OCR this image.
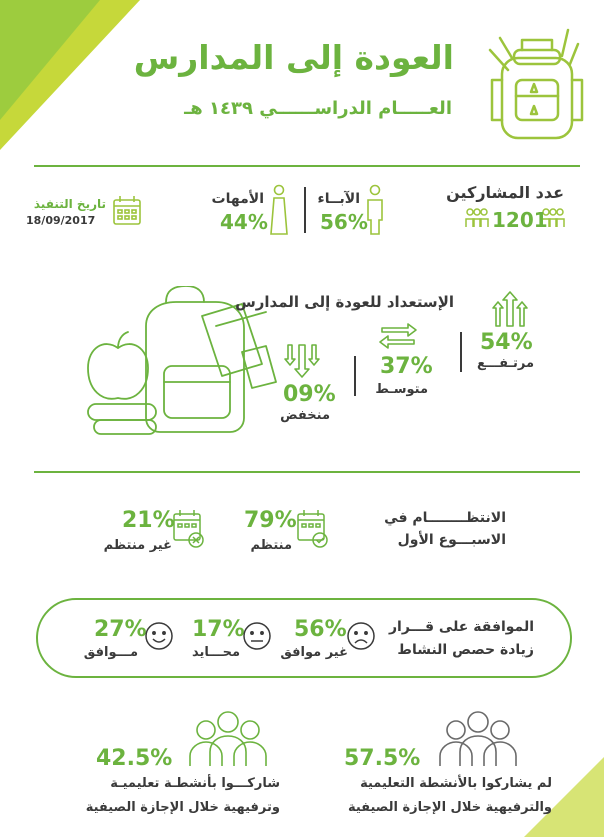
العودة إلى المدارس
العـــــام الدراســــــي ١٤٣٩ هـ
عدد المشاركين
1201
الآبــاء
56%
الأمهات
44%
تاريخ التنفيذ
18/09/2017
الإستعداد للعودة إلى المدارس
54%
مرتـفـــع
37%
متوسـط
09%
منخفض
الانتظــــــــام في
الاسبـــوع الأول
79%
منتظم
21%
غير منتظم
الموافقة على قـــرار
زيادة حصص النشاط
56%
غير موافق
17%
محـــايد
27%
مـــوافق
57.5%
لم يشاركوا بالأنشطة التعليمية
والترفيهية خلال الإجازة الصيفية
42.5%
شاركـــوا بأنشطـة تعليميـة
وترفيهية خلال الإجازة الصيفية
